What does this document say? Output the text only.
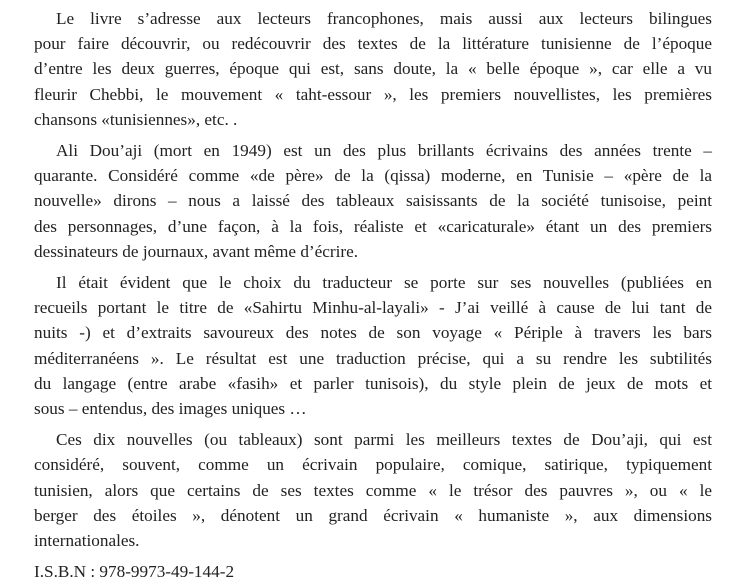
Le livre s’adresse aux lecteurs francophones, mais aussi aux lecteurs bilingues
pour faire découvrir, ou redécouvrir des textes de la littérature tunisienne de l’époque
d’entre les deux guerres, époque qui est, sans doute, la « belle époque », car elle a vu
fleurir Chebbi, le mouvement « taht-essour », les premiers nouvellistes, les premières
chansons «tunisiennes», etc. .
Ali Dou’aji (mort en 1949) est un des plus brillants écrivains des années trente –
quarante. Considéré comme «de père» de la (qissa) moderne, en Tunisie – «père de la
nouvelle» dirons – nous a laissé des tableaux saisissants de la société tunisoise, peint
des personnages, d’une façon, à la fois, réaliste et «caricaturale» étant un des premiers
dessinateurs de journaux, avant même d’écrire.
Il était évident que le choix du traducteur se porte sur ses nouvelles (publiées en
recueils portant le titre de «Sahirtu Minhu-al-layali» - J’ai veillé à cause de lui tant de
nuits -) et d’extraits savoureux des notes de son voyage « Périple à travers les bars
méditerranéens ». Le résultat est une traduction précise, qui a su rendre les subtilités
du langage (entre arabe «fasih» et parler tunisois), du style plein de jeux de mots et
sous – entendus, des images uniques …
Ces dix nouvelles (ou tableaux) sont parmi les meilleurs textes de Dou’aji, qui est
considéré, souvent, comme un écrivain populaire, comique, satirique, typiquement
tunisien, alors que certains de ses textes comme « le trésor des pauvres », ou « le
berger des étoiles », dénotent un grand écrivain « humaniste », aux dimensions
internationales.

I.S.B.N : 978-9973-49-144-2
